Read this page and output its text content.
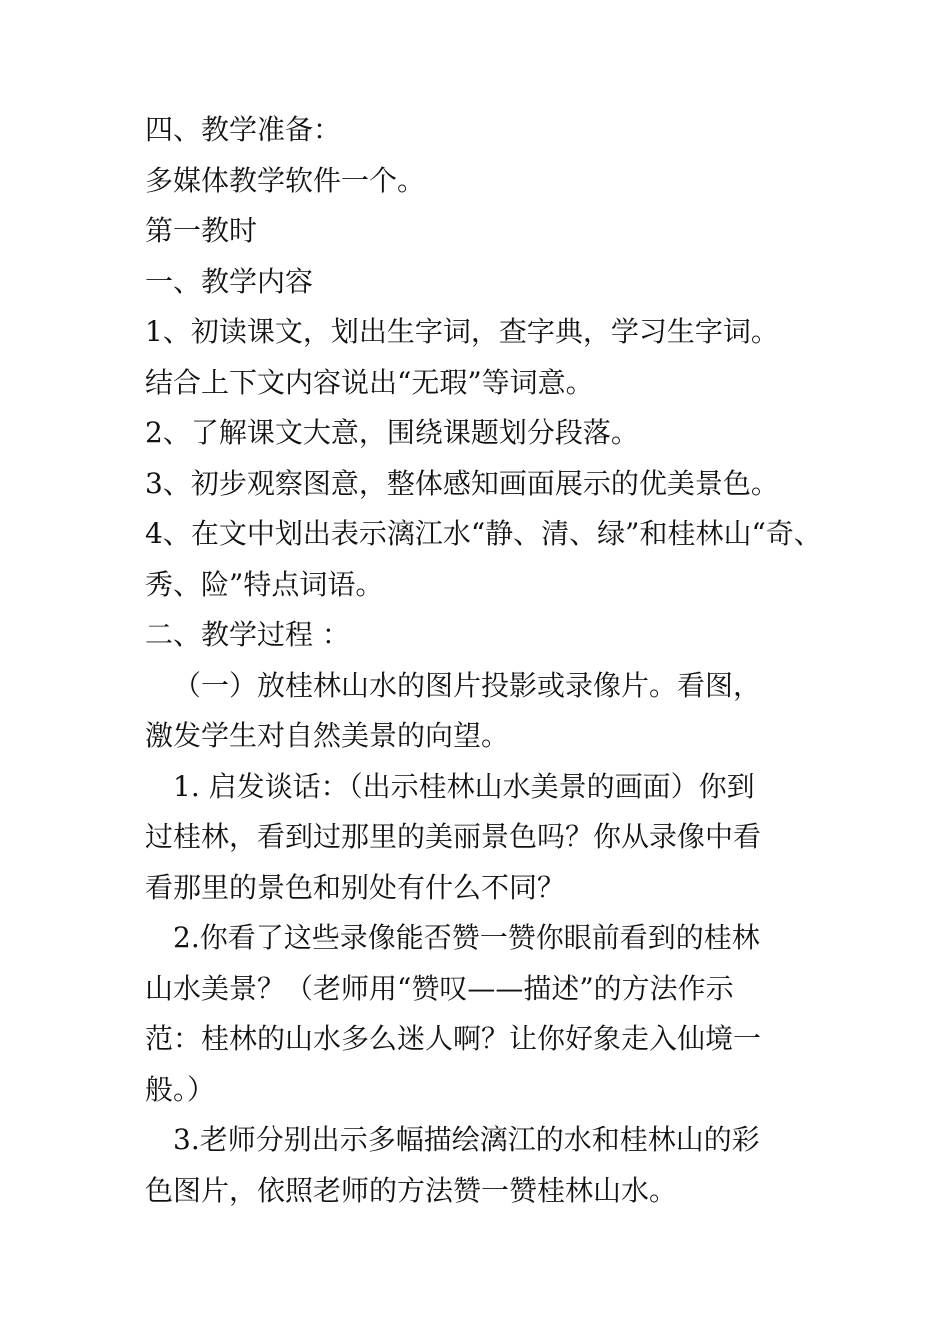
四、教学准备：

多媒体教学软件一个。

第一教时

一、教学内容

1、初读课文，划出生字词，查字典，学习生字词。

结合上下文内容说出“无瑕”等词意。

2、了解课文大意，围绕课题划分段落。

3、初步观察图意，整体感知画面展示的优美景色。

4、在文中划出表示漓江水“静、清、绿”和桂林山“奇、

秀、险”特点词语。

二、教学过程 ：

（一）放桂林山水的图片投影或录像片。看图，

激发学生对自然美景的向望。

1. 启发谈话：（出示桂林山水美景的画面）你到

过桂林，看到过那里的美丽景色吗？你从录像中看

看那里的景色和别处有什么不同？

2.你看了这些录像能否赞一赞你眼前看到的桂林

山水美景？（老师用“赞叹——描述”的方法作示

范：桂林的山水多么迷人啊？让你好象走入仙境一

般。）

3.老师分别出示多幅描绘漓江的水和桂林山的彩

色图片，依照老师的方法赞一赞桂林山水。
